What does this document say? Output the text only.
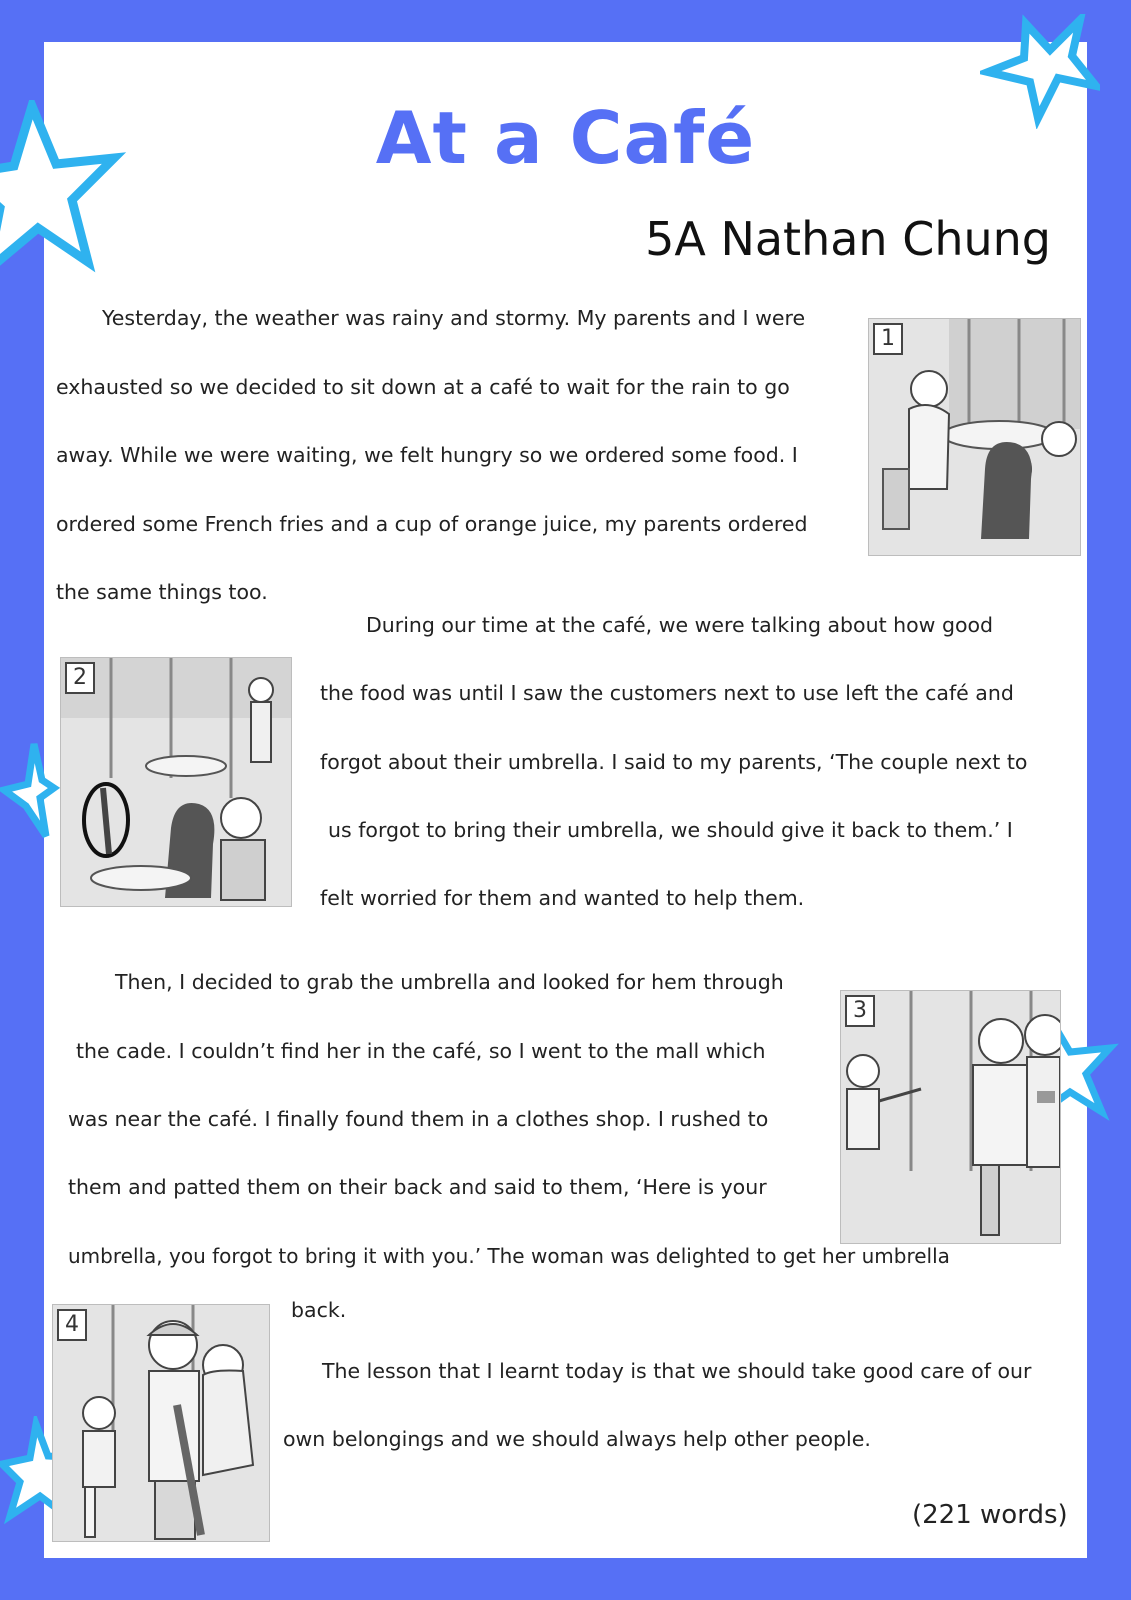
At a Café
5A Nathan Chung
Yesterday, the weather was rainy and stormy. My parents and I were
exhausted so we decided to sit down at a café to wait for the rain to go
away. While we were waiting, we felt hungry so we ordered some food. I
ordered some French fries and a cup of orange juice, my parents ordered
the same things too.
1
During our time at the café, we were talking about how good
the food was until I saw the customers next to use left the café and
forgot about their umbrella. I said to my parents, ‘The couple next to
us forgot to bring their umbrella, we should give it back to them.’ I
felt worried for them and wanted to help them.
2
Then, I decided to grab the umbrella and looked for hem through
the cade. I couldn’t find her in the café, so I went to the mall which
was near the café. I finally found them in a clothes shop. I rushed to
them and patted them on their back and said to them, ‘Here is your
umbrella, you forgot to bring it with you.’ The woman was delighted to get her umbrella
back.
3
4
The lesson that I learnt today is that we should take good care of our
own belongings and we should always help other people.
(221 words)
